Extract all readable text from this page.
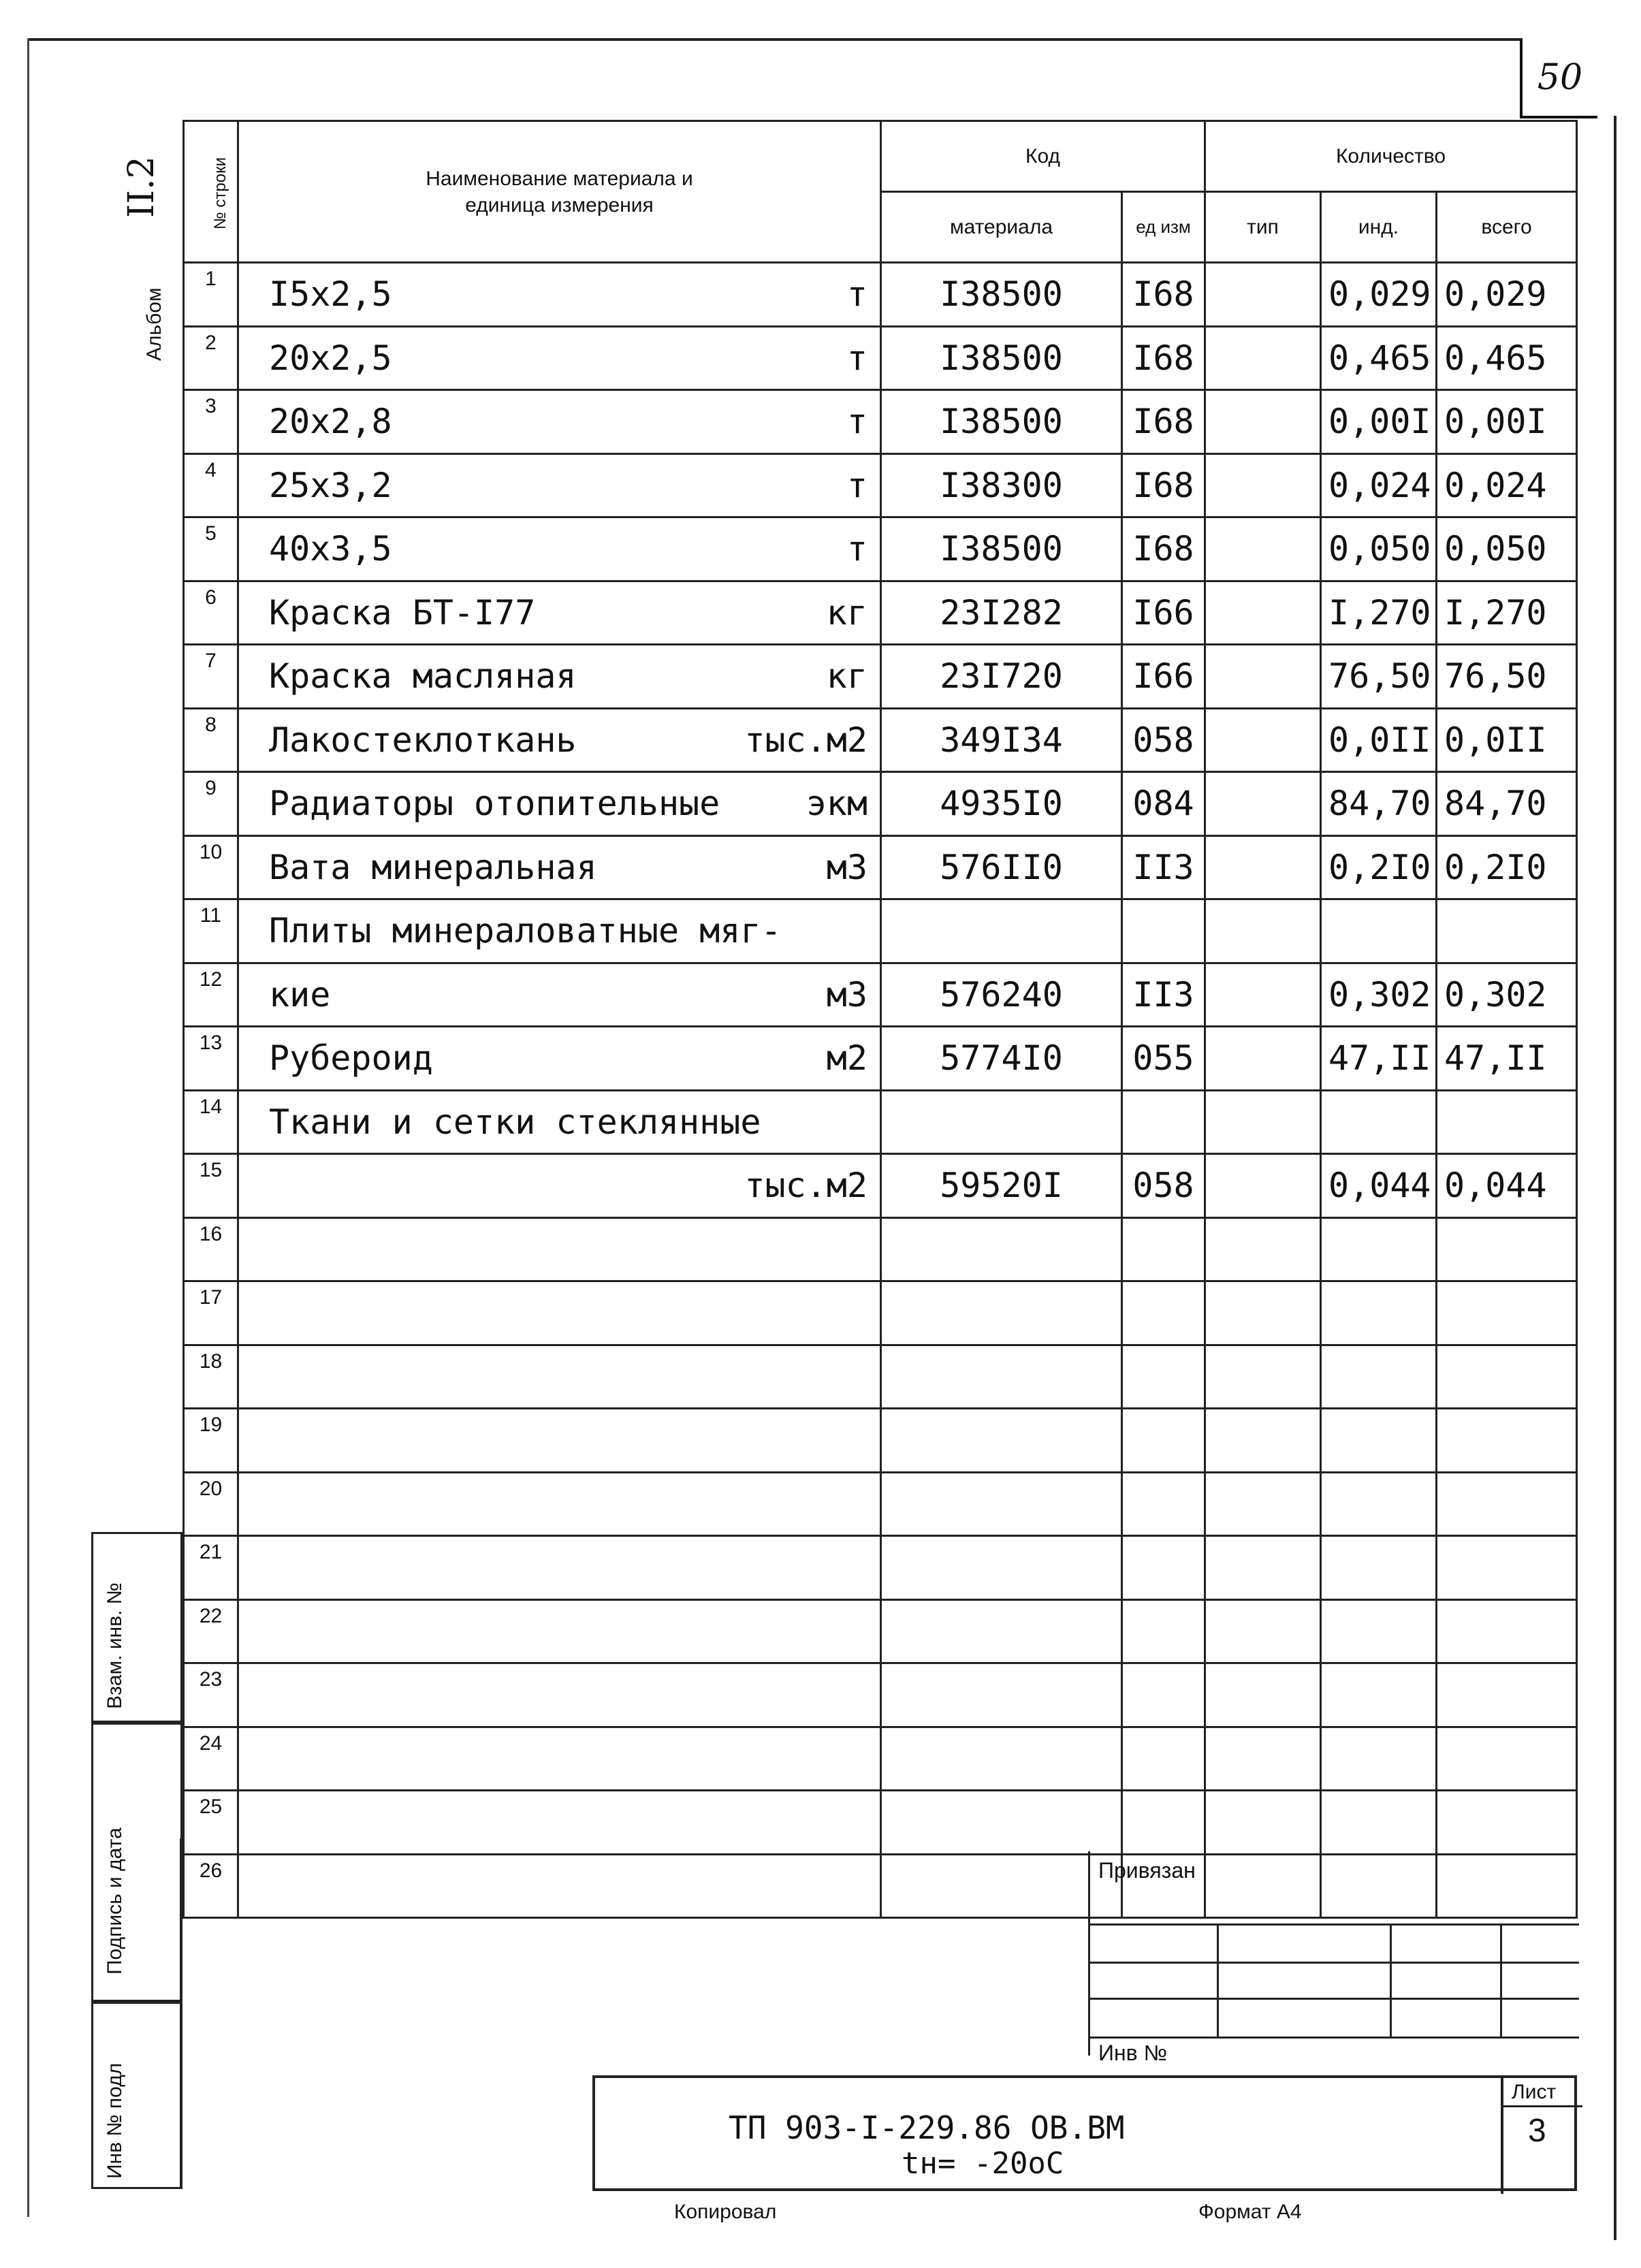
50
Альбом
II.2	№ строки	Наименование материала и единица измерения	Код		Количество		
		материала	ед изм	тип	инд.	всего
1	I5x2,5 т	I38500	I68		0,029	0,029
2	20x2,5 т	I38500	I68		0,465	0,465
3	20x2,8 т	I38500	I68		0,00I	0,00I
4	25x3,2 т	I38300	I68		0,024	0,024
5	40x3,5 т	I38500	I68		0,050	0,050
6	Краска БТ-I77 кг	23I282	I66		I,270	I,270
7	Краска масляная кг	23I720	I66		76,50	76,50
8	Лакостеклоткань тыс.м2	349I34	058		0,0II	0,0II
9	Радиаторы отопительные экм	4935I0	084		84,70	84,70
10	Вата минеральная м3	576II0	II3		0,2I0	0,2I0
11	Плиты минераловатные мяг-					

12	кие м3	576240	II3		0,302	0,302
13	Рубероид м2	5774I0	055		47,II	47,II
14	Ткани и сетки стеклянные					

15	тыс.м2	59520I	058		0,044	0,044
16	

17	

18	

19	

20	

21	

22	

23	

24	

25	

26	

Взам. инв. №
Подпись и дата
Инв № подл
Привязан
Инв №
ТП 903-I-229.86 ОВ.ВМ
tн= -20оC
Лист
3
Копировал	Формат А4
